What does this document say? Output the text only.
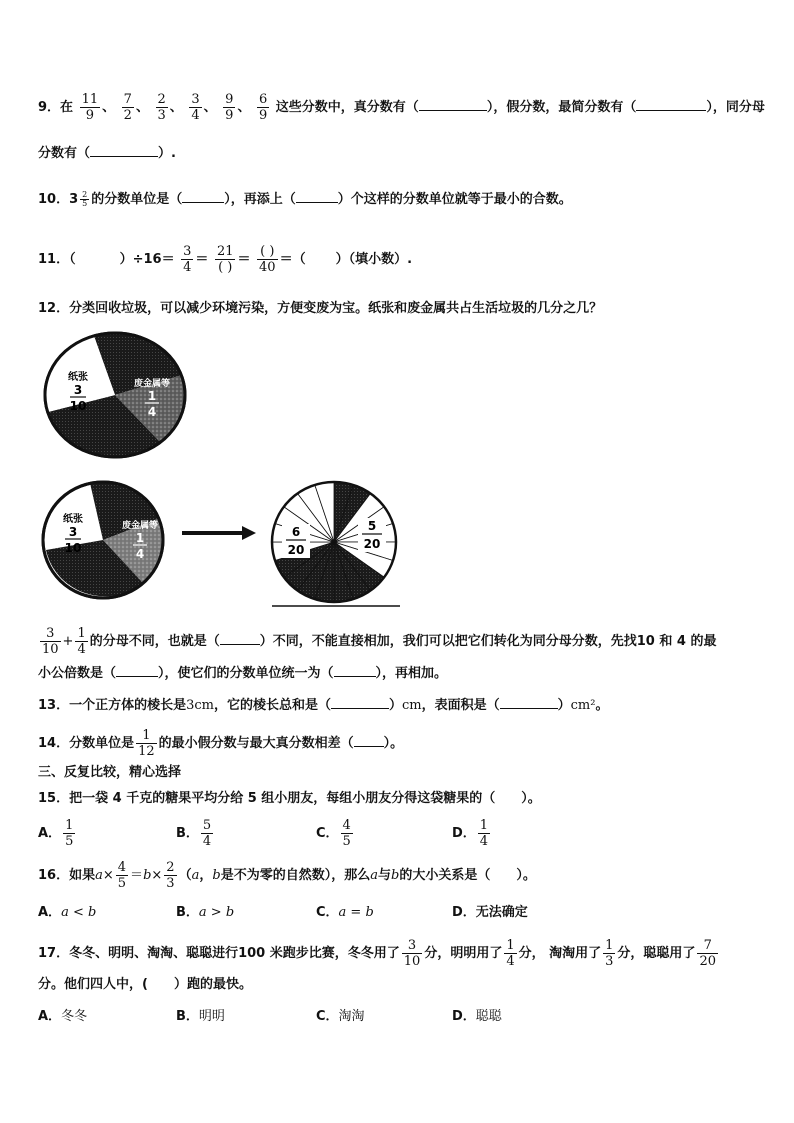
9．在 $\frac{11}{9}$ 、 $\frac{7}{2}$ 、 $\frac{2}{3}$ 、 $\frac{3}{4}$ 、 $\frac{9}{9}$ 、 $\frac{6}{9}$ 这些分数中，真分数有（	），假分数，最简分数有（	），同分母
分数有（	）.
10．$3 \frac{2}{5}$ 的分数单位是（	），再添上（	）个这样的分数单位就等于最小的合数。
11．（	）$\div 16= \frac{3}{4} = \frac{21}{( )} = \frac{( )}{40}$ ＝（ ）（填小数）.
12．分类回收垃圾，可以减少环境污染，方便变废为宝。纸张和废金属共占生活垃圾的几分之几？
纸张
3
10
废金属等
1
4
纸张
3
10
废金属等
1
4
6
20
5
20
$\frac{3}{10} + \frac{1}{4}$ 的分母不同，也就是（	）不同，不能直接相加，我们可以把它们转化为同分母分数，先找10 和 4 的最
小公倍数是（	），使它们的分数单位统一为（	），再相加。
13．一个正方体的棱长是3cm，它的棱长总和是（	）cm，表面积是（	）cm²。
14．分数单位是 $\frac{1}{12}$ 的最小假分数与最大真分数相差（ ）。
三、反复比较，精心选择
15．把一袋 4 千克的糖果平均分给 5 组小朋友，每组小朋友分得这袋糖果的（　　）。
A． $\frac{1}{5}$	B． $\frac{5}{4}$	C． $\frac{4}{5}$	D． $\frac{1}{4}$
16．如果$a\times \frac{4}{5} =b\times \frac{2}{3} (a$，b是不为零的自然数），那么a与b的大小关系是（　　）。
A．a < b	B．a > b	C．a = b	D．无法确定
17．冬冬、明明、淘淘、聪聪进行100 米跑步比赛，冬冬用了 $\frac{3}{10}$ 分，明明用了 $\frac{1}{4}$ 分， 淘淘用了 $\frac{1}{3}$ 分，聪聪用了 $\frac{7}{20}$
分。他们四人中，(　　）跑的最快。
A．冬冬	B．明明	C．淘淘	D．聪聪
